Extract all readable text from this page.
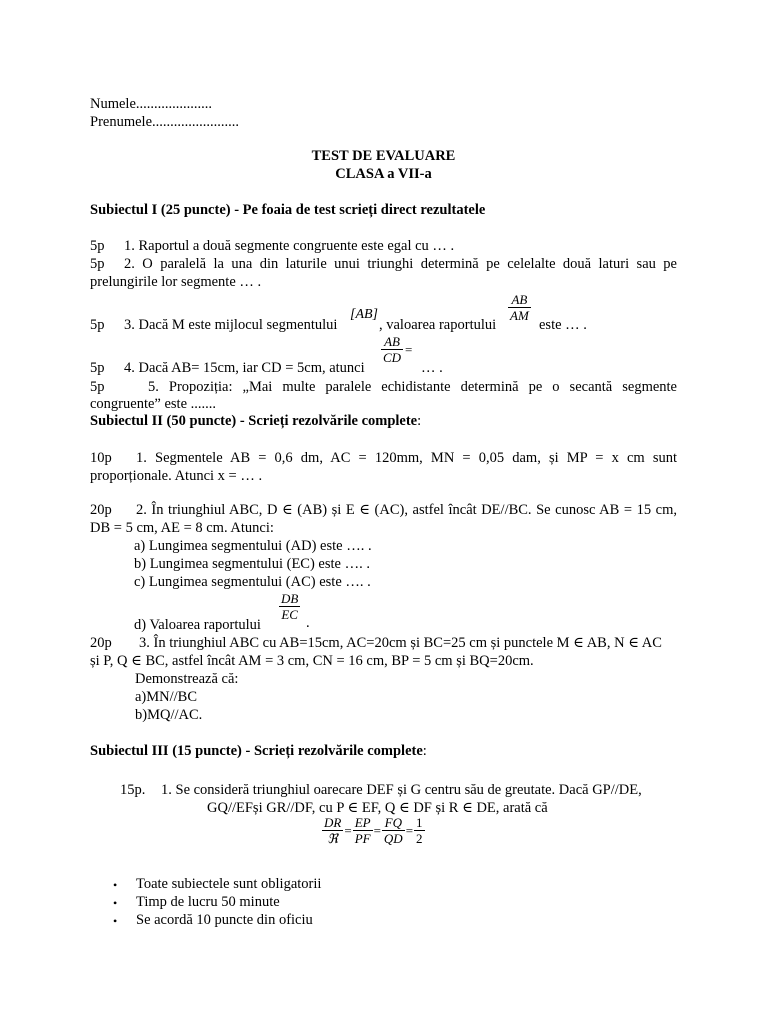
Numele.....................
Prenumele........................
TEST DE EVALUARE
CLASA a VII-a
Subiectul I (25 puncte) - Pe foaia de test scrieți direct rezultatele
5p 1. Raportul a două segmente congruente este egal cu … .
5p 2. O paralelă la una din laturile unui triunghi determină pe celelalte două laturi sau pe
prelungirile lor segmente … .
5p 3. Dacă M este mijlocul segmentului
[AB]
, valoarea raportului
$\frac{AB}{AM}$
este … .
5p 4. Dacă AB= 15cm, iar CD = 5cm, atunci
$\frac{AB}{CD}$ =
… .
5p	5. Propoziția: „Mai multe paralele echidistante determină pe o secantă segmente
congruente” este .......
Subiectul II (50 puncte) - Scrieți rezolvările complete:
10p 1. Segmentele AB = 0,6 dm, AC = 120mm, MN = 0,05 dam, și MP = x cm sunt
proporționale. Atunci x = … .
20p 2. În triunghiul ABC, D ∈ (AB) și E ∈ (AC), astfel încât DE//BC. Se cunosc AB = 15 cm,
DB = 5 cm, AE = 8 cm. Atunci:
a) Lungimea segmentului (AD) este …. .
b) Lungimea segmentului (EC) este …. .
c) Lungimea segmentului (AC) este …. .
d) Valoarea raportului
$\frac{DB}{EC}$
.
20p 3. În triunghiul ABC cu AB=15cm, AC=20cm și BC=25 cm și punctele M ∈ AB, N ∈ AC
și P, Q ∈ BC, astfel încât AM = 3 cm, CN = 16 cm, BP = 5 cm și BQ=20cm.
Demonstrează că:
a)MN//BC
b)MQ//AC.
Subiectul III (15 puncte) - Scrieți rezolvările complete:
15p. 1. Se consideră triunghiul oarecare DEF și G centru său de greutate. Dacă GP//DE,
GQ//EFși GR//DF, cu P ∈ EF, Q ∈ DF și R ∈ DE, arată că
$\frac{DR}{\text{ℜ}} = \frac{EP}{PF} = \frac{FQ}{QD} = \frac{1}{2}$
• Toate subiectele sunt obligatorii
• Timp de lucru 50 minute
• Se acordă 10 puncte din oficiu
